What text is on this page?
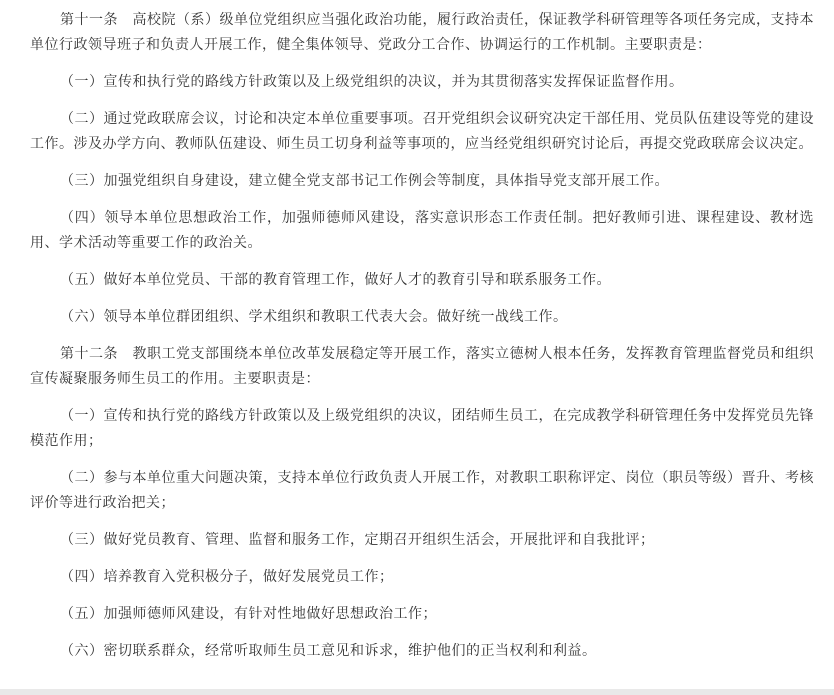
第十一条　高校院（系）级单位党组织应当强化政治功能，履行政治责任，保证教学科研管理等各项任务完成，支持本单位行政领导班子和负责人开展工作，健全集体领导、党政分工合作、协调运行的工作机制。主要职责是：

（一）宣传和执行党的路线方针政策以及上级党组织的决议，并为其贯彻落实发挥保证监督作用。

（二）通过党政联席会议，讨论和决定本单位重要事项。召开党组织会议研究决定干部任用、党员队伍建设等党的建设工作。涉及办学方向、教师队伍建设、师生员工切身利益等事项的，应当经党组织研究讨论后，再提交党政联席会议决定。

（三）加强党组织自身建设，建立健全党支部书记工作例会等制度，具体指导党支部开展工作。

（四）领导本单位思想政治工作，加强师德师风建设，落实意识形态工作责任制。把好教师引进、课程建设、教材选用、学术活动等重要工作的政治关。

（五）做好本单位党员、干部的教育管理工作，做好人才的教育引导和联系服务工作。

（六）领导本单位群团组织、学术组织和教职工代表大会。做好统一战线工作。

第十二条　教职工党支部围绕本单位改革发展稳定等开展工作，落实立德树人根本任务，发挥教育管理监督党员和组织宣传凝聚服务师生员工的作用。主要职责是：

（一）宣传和执行党的路线方针政策以及上级党组织的决议，团结师生员工，在完成教学科研管理任务中发挥党员先锋模范作用；

（二）参与本单位重大问题决策，支持本单位行政负责人开展工作，对教职工职称评定、岗位（职员等级）晋升、考核评价等进行政治把关；

（三）做好党员教育、管理、监督和服务工作，定期召开组织生活会，开展批评和自我批评；

（四）培养教育入党积极分子，做好发展党员工作；

（五）加强师德师风建设，有针对性地做好思想政治工作；

（六）密切联系群众，经常听取师生员工意见和诉求，维护他们的正当权利和利益。
